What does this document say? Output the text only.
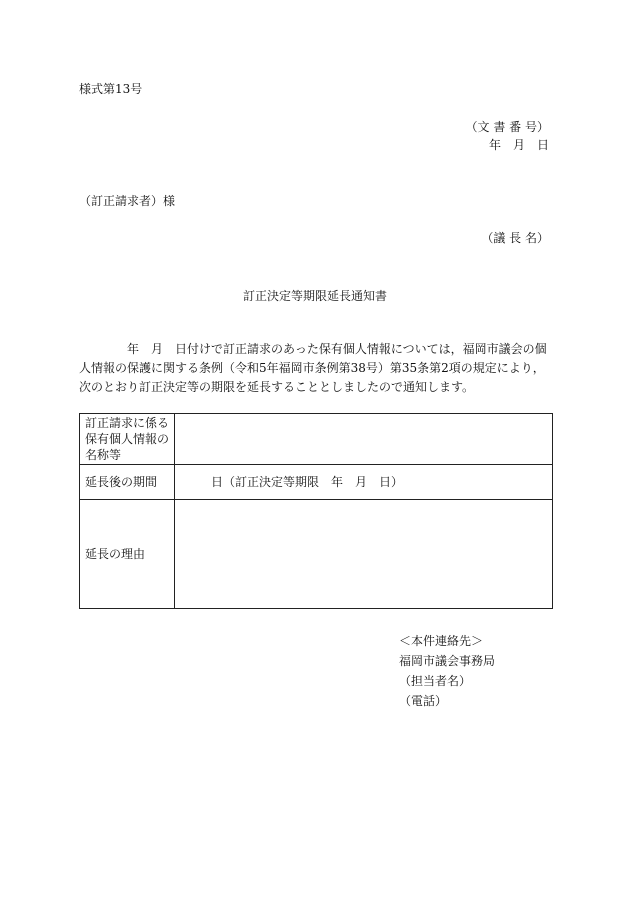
様式第13号
（文 書 番 号）
年　月　日
（訂正請求者）様
（議 長 名）
訂正決定等期限延長通知書

年　月　日付けで訂正請求のあった保有個人情報については，福岡市議会の個人情報の保護に関する条例（令和5年福岡市条例第38号）第35条第2項の規定により，次のとおり訂正決定等の期限を延長することとしましたので通知します。

訂正請求に係る保有個人情報の名称等	
延長後の期間	日（訂正決定等期限　年　月　日）
延長の理由	
＜本件連絡先＞
福岡市議会事務局
（担当者名）
（電話）
